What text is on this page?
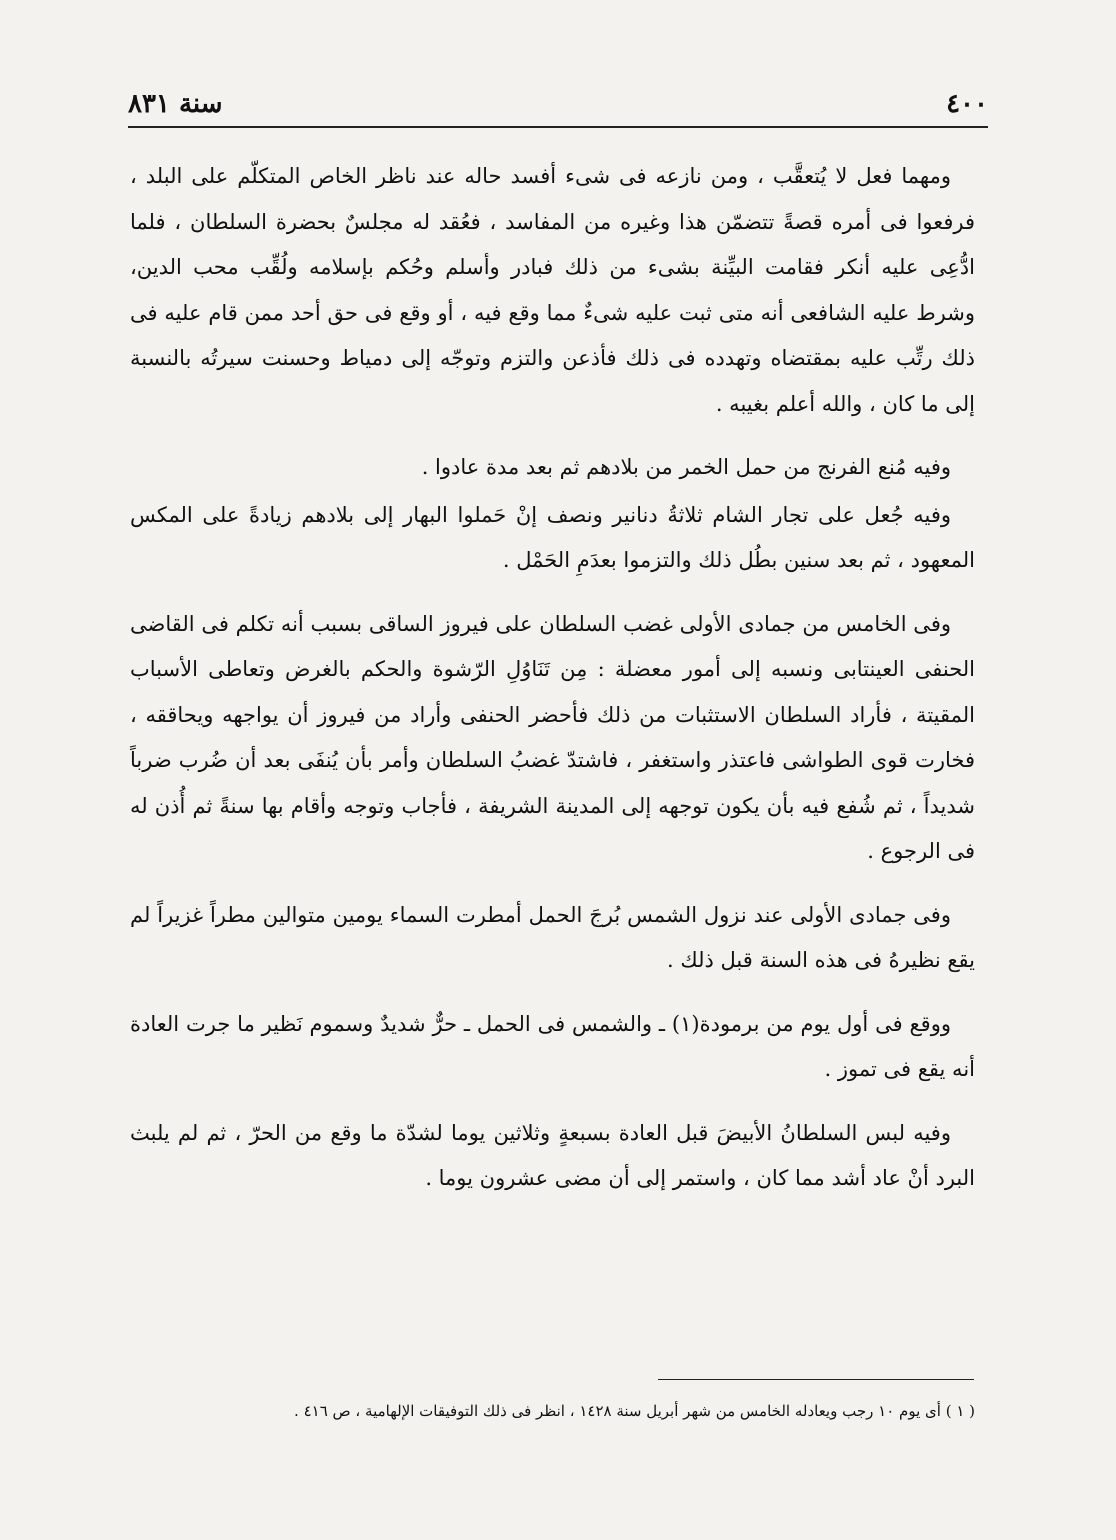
٤٠٠
سنة ٨٣١

ومهما فعل لا يُتعقَّب ، ومن نازعه فى شىء أفسد حاله عند ناظر الخاص المتكلّم على البلد ، فرفعوا فى أمره قصةً تتضمّن هذا وغيره من المفاسد ، فعُقد له مجلسٌ بحضرة السلطان ، فلما ادُّعِى عليه أنكر فقامت البيِّنة بشىء من ذلك فبادر وأسلم وحُكم بإسلامه ولُقِّب محب الدين، وشرط عليه الشافعى أنه متى ثبت عليه شىءٌ مما وقع فيه ، أو وقع فى حق أحد ممن قام عليه فى ذلك رتِّب عليه بمقتضاه وتهدده فى ذلك فأذعن والتزم وتوجّه إلى دمياط وحسنت سيرتُه بالنسبة إلى ما كان ، والله أعلم بغيبه .

وفيه مُنع الفرنج من حمل الخمر من بلادهم ثم بعد مدة عادوا .

وفيه جُعل على تجار الشام ثلاثةُ دنانير ونصف إنْ حَملوا البهار إلى بلادهم زيادةً على المكس المعهود ، ثم بعد سنين بطُل ذلك والتزموا بعدَمِ الحَمْل .

وفى الخامس من جمادى الأولى غضب السلطان على فيروز الساقى بسبب أنه تكلم فى القاضى الحنفى العينتابى ونسبه إلى أمور معضلة : مِن تَنَاوُلِ الرّشوة والحكم بالغرض وتعاطى الأسباب المقيتة ، فأراد السلطان الاستثبات من ذلك فأحضر الحنفى وأراد من فيروز أن يواجهه ويحاققه ، فخارت قوى الطواشى فاعتذر واستغفر ، فاشتدّ غضبُ السلطان وأمر بأن يُنفَى بعد أن ضُرب ضرباً شديداً ، ثم شُفع فيه بأن يكون توجهه إلى المدينة الشريفة ، فأجاب وتوجه وأقام بها سنةً ثم أُذن له فى الرجوع .

وفى جمادى الأولى عند نزول الشمس بُرجَ الحمل أمطرت السماء يومين متوالين مطراً غزيراً لم يقع نظيرهُ فى هذه السنة قبل ذلك .

ووقع فى أول يوم من برمودة(١) ـ والشمس فى الحمل ـ حرٌّ شديدٌ وسموم نَظير ما جرت العادة أنه يقع فى تموز .

وفيه لبس السلطانُ الأبيضَ قبل العادة بسبعةٍ وثلاثين يوما لشدّة ما وقع من الحرّ ، ثم لم يلبث البرد أنْ عاد أشد مما كان ، واستمر إلى أن مضى عشرون يوما .

( ١ ) أى يوم ١٠ رجب ويعادله الخامس من شهر أبريل سنة ١٤٢٨ ، انظر فى ذلك التوفيقات الإلهامية ، ص ٤١٦ .
